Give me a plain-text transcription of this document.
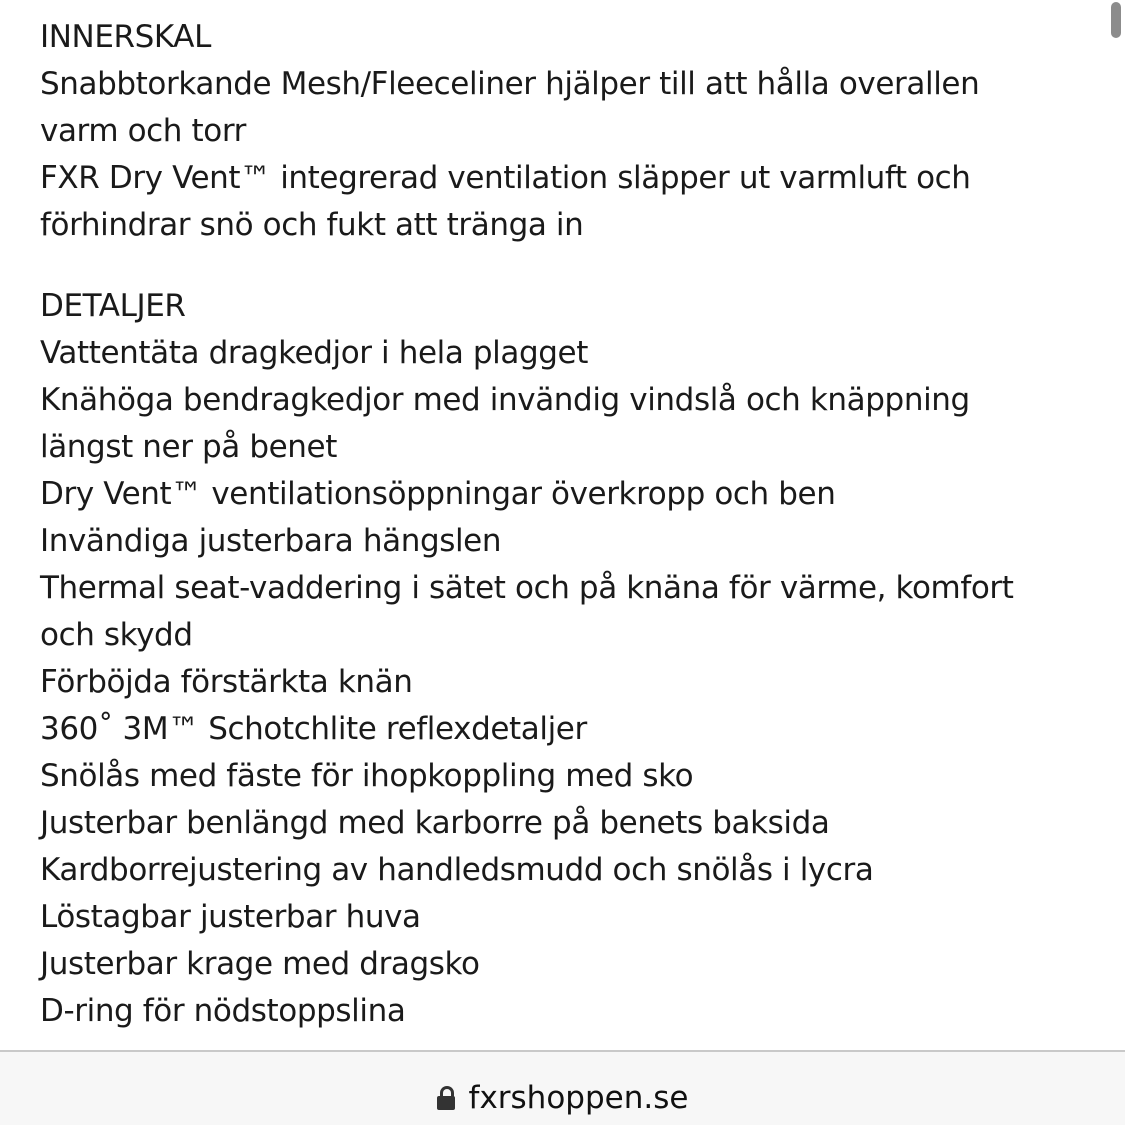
INNERSKAL
Snabbtorkande Mesh/Fleeceliner hjälper till att hålla overallen
varm och torr
FXR Dry Vent™ integrerad ventilation släpper ut varmluft och
förhindrar snö och fukt att tränga in
DETALJER
Vattentäta dragkedjor i hela plagget
Knähöga bendragkedjor med invändig vindslå och knäppning
längst ner på benet
Dry Vent™ ventilationsöppningar överkropp och ben
Invändiga justerbara hängslen
Thermal seat-vaddering i sätet och på knäna för värme, komfort
och skydd
Förböjda förstärkta knän
360˚ 3M™ Schotchlite reflexdetaljer
Snölås med fäste för ihopkoppling med sko
Justerbar benlängd med karborre på benets baksida
Kardborrejustering av handledsmudd och snölås i lycra
Löstagbar justerbar huva
Justerbar krage med dragsko
D-ring för nödstoppslina
fxrshoppen.se
